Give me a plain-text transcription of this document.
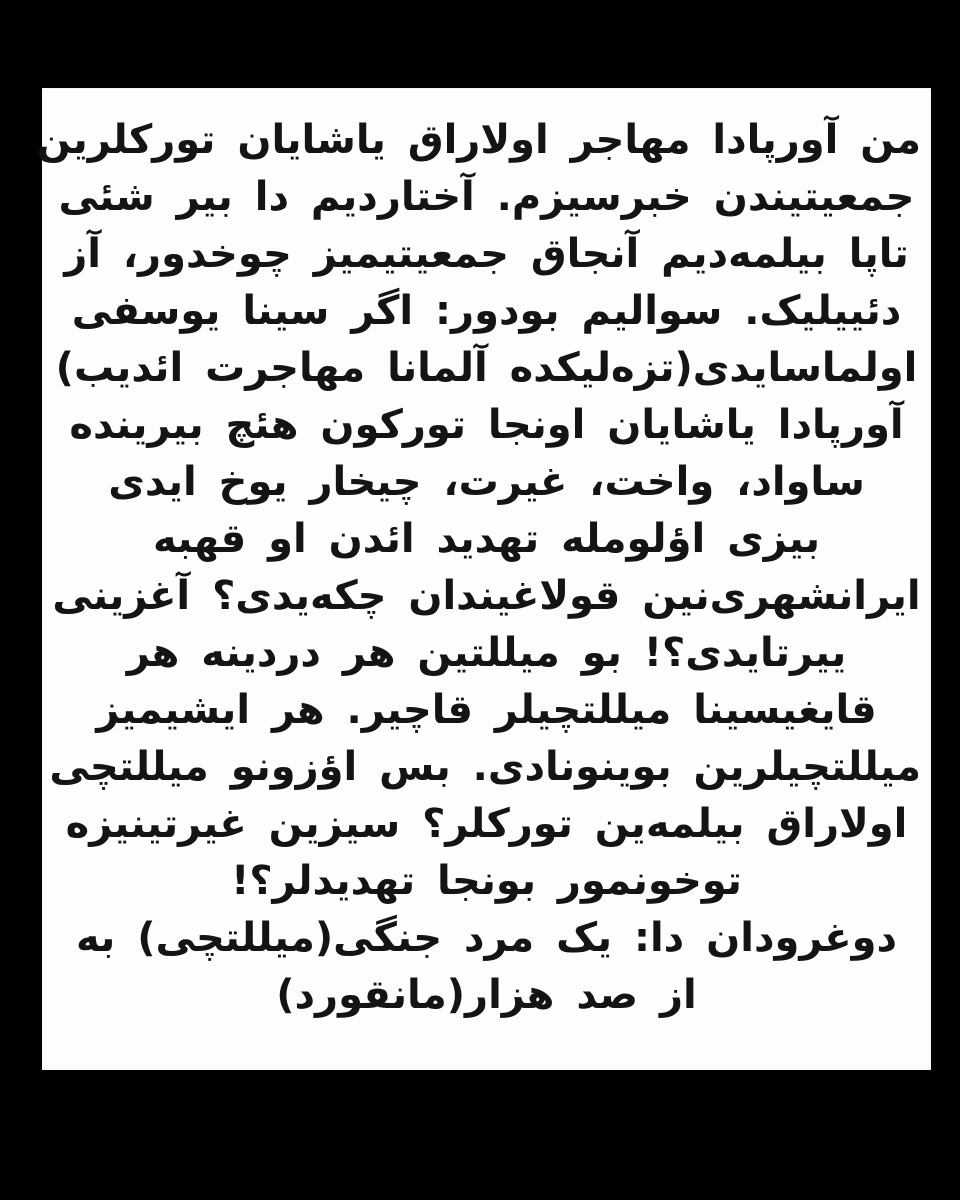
من آورپادا مهاجر اولاراق یاشایان تورکلرین
جمعیتیندن خبرسیزم. آختاردیم دا بیر شئی
تاپا بیلمه‌دیم آنجاق جمعیتیمیز چوخدور، آز
دئییلیک. سوالیم بودور: اگر سینا یوسفی
اولماسایدی(تزه‌لیکده آلمانا مهاجرت ائدیب)
آورپادا یاشایان اونجا تورکون هئچ بیرینده
ساواد، واخت، غیرت، چیخار یوخ ایدی
بیزی اؤلومله تهدید ائدن او قهبه
ایرانشهری‌نین قولاغیندان چکه‌یدی؟ آغزینی
ییرتایدی؟! بو میللتین هر دردینه هر
قایغیسینا میللتچیلر قاچیر. هر ایشیمیز
میللتچیلرین بوینونادی. بس اؤزونو میللتچی
اولاراق بیلمه‌ین تورکلر؟ سیزین غیرتینیزه
توخونمور بونجا تهدیدلر؟!
دوغرودان دا: یک مرد جنگی(میللتچی) به
از صد هزار(مانقورد)
